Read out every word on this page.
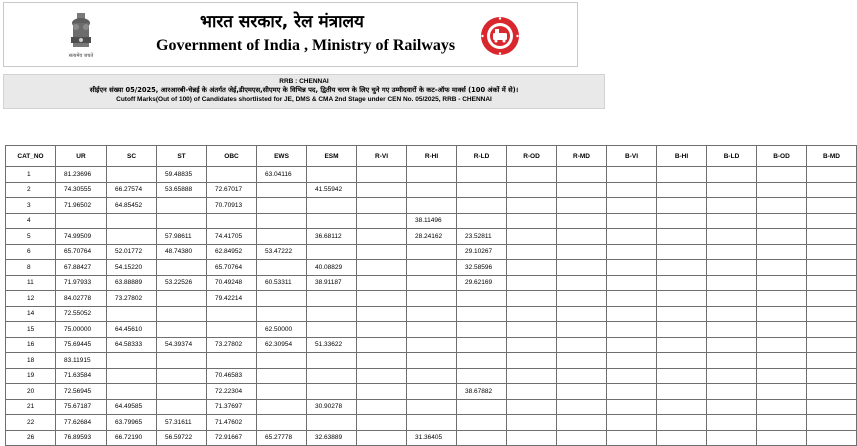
सत्यमेव जयते
भारत सरकार, रेल मंत्रालय
Government of India , Ministry of Railways
RRB : CHENNAI
सीईएन संख्या 05/2025, आरआरबी-चेन्नई के अंतर्गत जेई,डीएमएस,सीएमए के विभिन्न पद, द्वितीय चरण के लिए चुने गए उम्मीदवारों के कट-ऑफ मार्क्स (100 अंकों में से)।
Cutoff Marks(Out of 100) of Candidates shortlisted for JE, DMS & CMA 2nd Stage under CEN No. 05/2025, RRB - CHENNAI
CAT_NO	UR	SC	ST	OBC	EWS	ESM	R-VI	R-HI	R-LD	R-OD	R-MD	B-VI	B-HI	B-LD	B-OD	B-MD
1	81.23696		59.48835		63.04116											
2	74.30555	66.27574	53.65888	72.67017		41.55942										
3	71.96502	64.85452		70.70913												
4								38.11496								
5	74.99509		57.98611	74.41705		36.68112		28.24162	23.52811							
6	65.70764	52.01772	48.74380	62.84952	53.47222				29.10267							
8	67.88427	54.15220		65.70764		40.08829			32.58596							
11	71.97933	63.88889	53.22526	70.49248	60.53311	38.91187			29.62169							
12	84.02778	73.27802		79.42214												
14	72.55052															
15	75.00000	64.45610			62.50000											
16	75.69445	64.58333	54.39374	73.27802	62.30954	51.33622										
18	83.11915															
19	71.63584			70.46583												
20	72.56945			72.22304					38.67882							
21	75.67187	64.49585		71.37697		30.90278										
22	77.62684	63.79965	57.31611	71.47602												
26	76.89593	66.72190	56.59722	72.91667	65.27778	32.63889		31.36405								
